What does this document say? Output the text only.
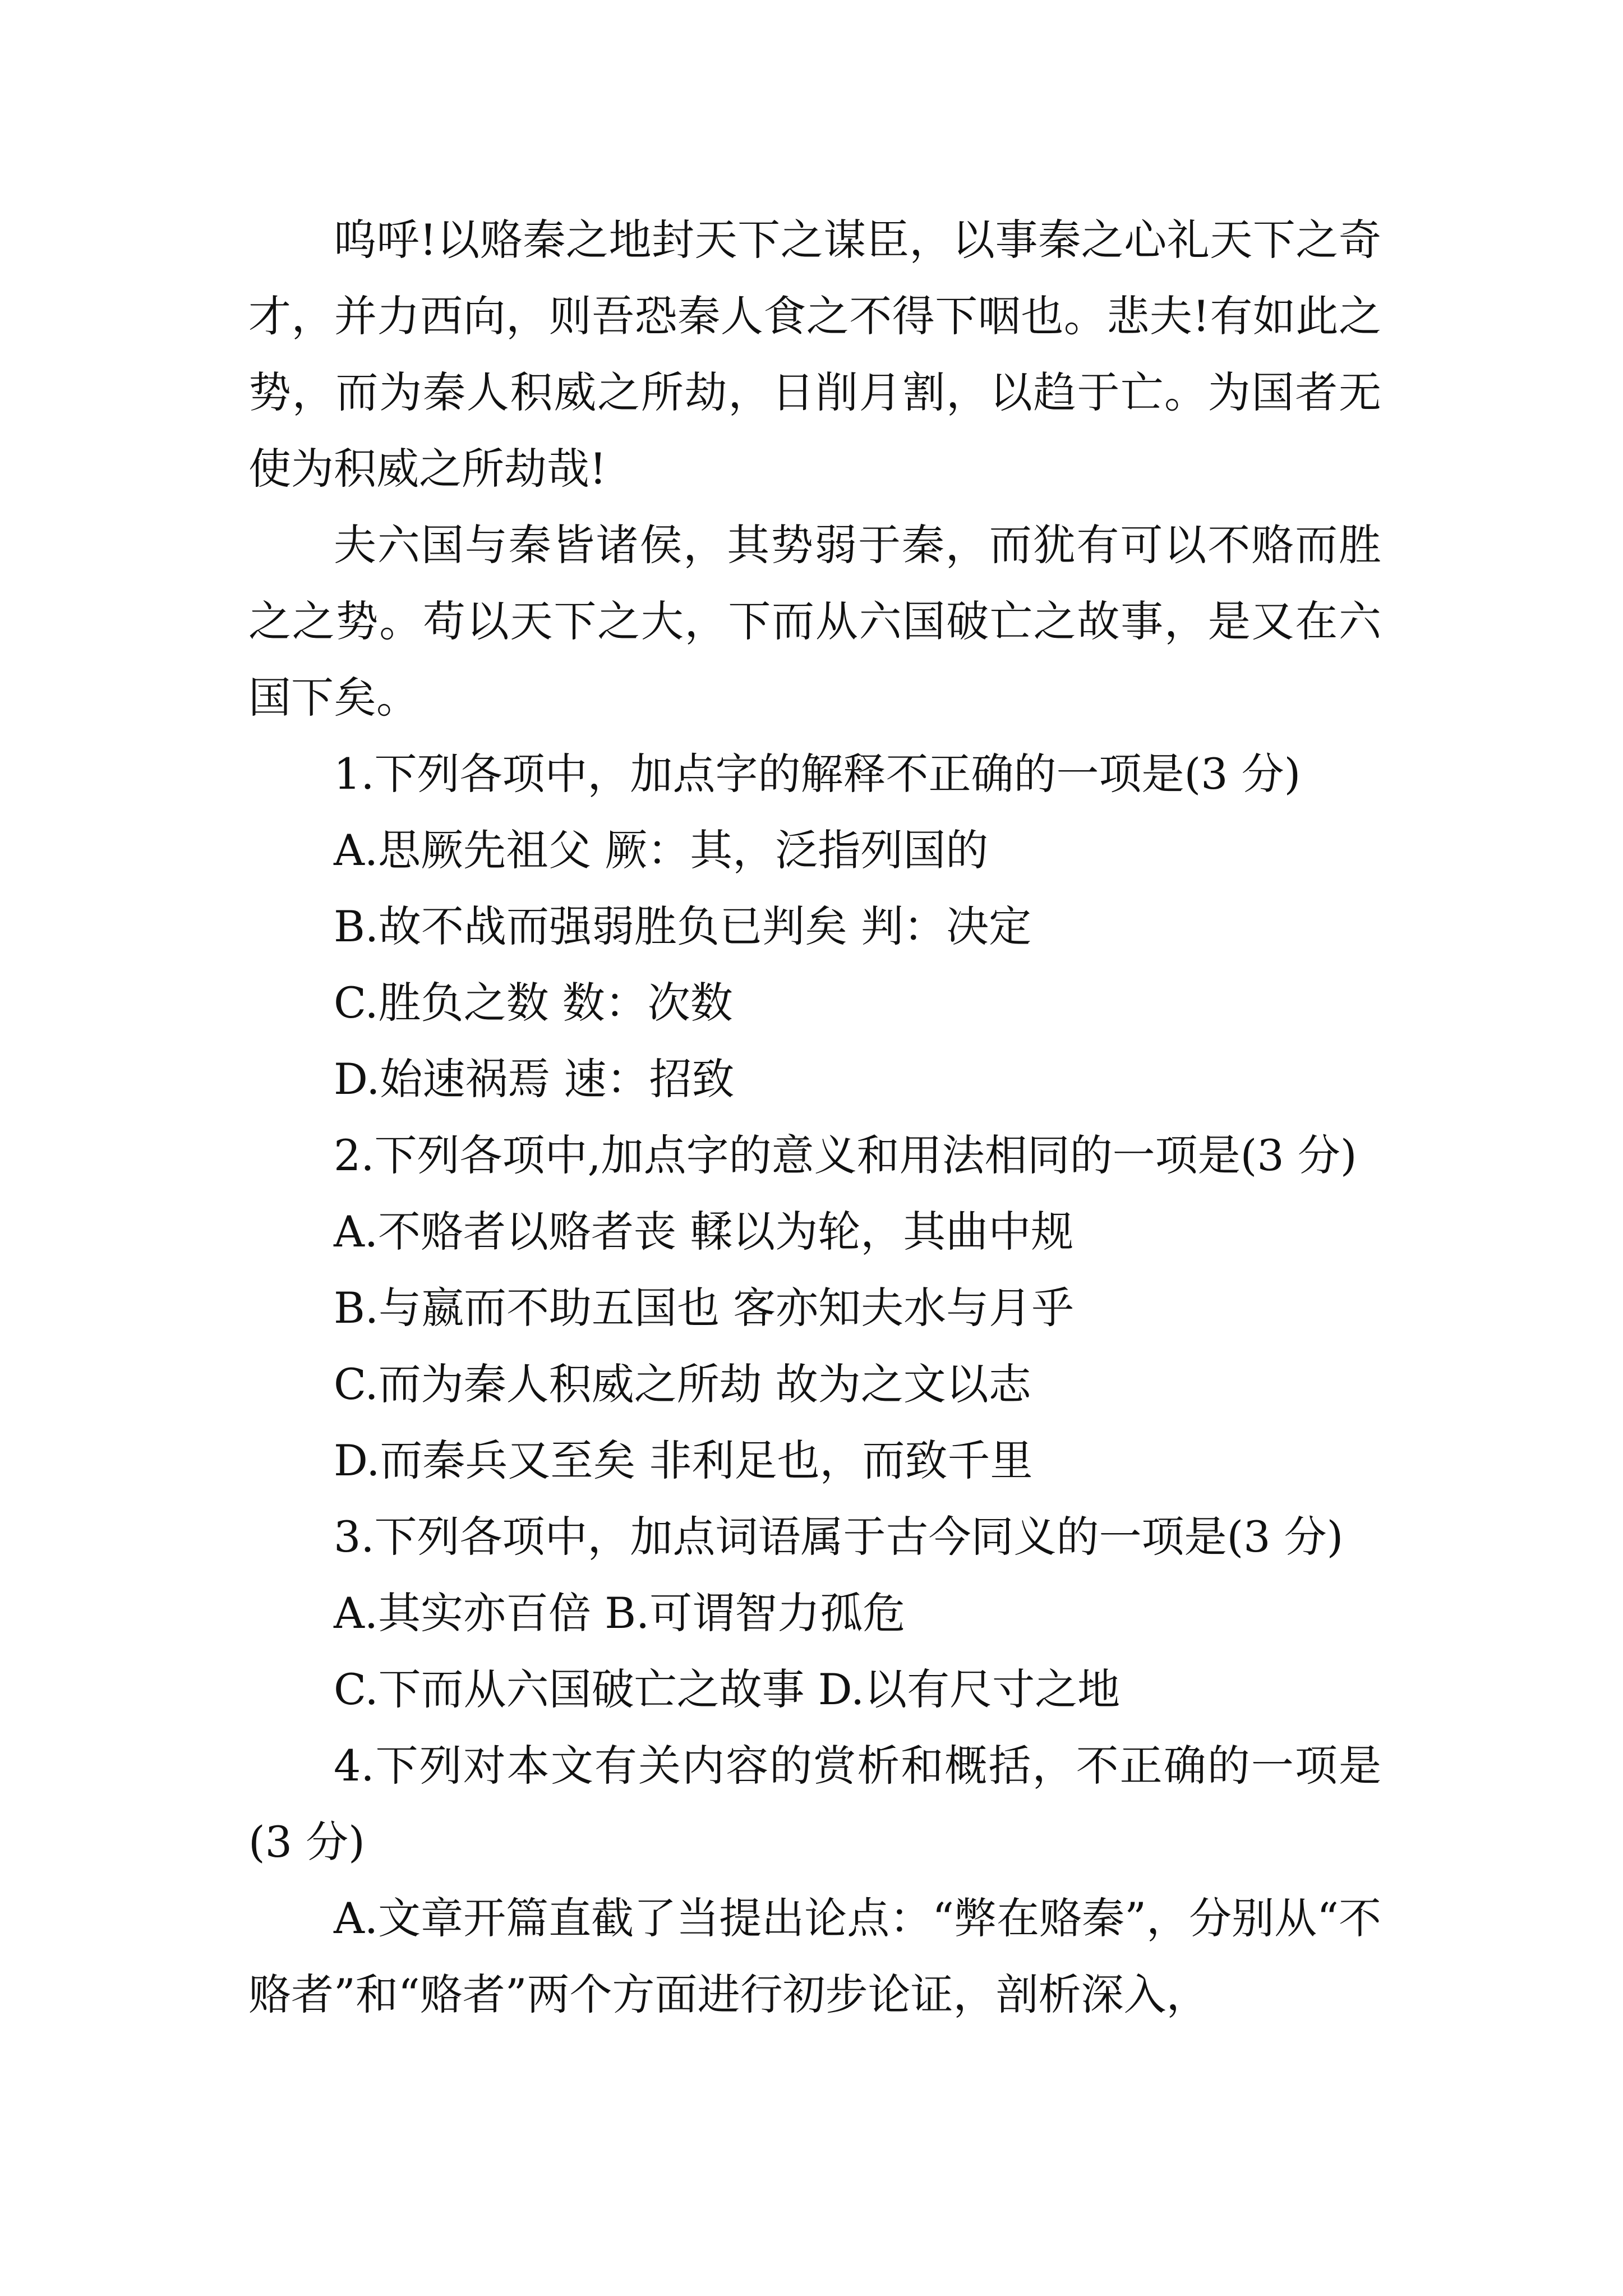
呜呼!以赂秦之地封天下之谋臣，以事秦之心礼天下之奇才，并力西向，则吾恐秦人食之不得下咽也。悲夫!有如此之势，而为秦人积威之所劫，日削月割，以趋于亡。为国者无使为积威之所劫哉!

夫六国与秦皆诸侯，其势弱于秦，而犹有可以不赂而胜之之势。苟以天下之大，下而从六国破亡之故事，是又在六国下矣。

1.下列各项中，加点字的解释不正确的一项是(3 分)

A.思厥先祖父 厥：其，泛指列国的

B.故不战而强弱胜负已判矣 判：决定

C.胜负之数 数：次数

D.始速祸焉 速：招致

2.下列各项中,加点字的意义和用法相同的一项是(3 分)

A.不赂者以赂者丧 輮以为轮，其曲中规

B.与嬴而不助五国也 客亦知夫水与月乎

C.而为秦人积威之所劫 故为之文以志

D.而秦兵又至矣 非利足也，而致千里

3.下列各项中，加点词语属于古今同义的一项是(3 分)

A.其实亦百倍 B.可谓智力孤危

C.下而从六国破亡之故事 D.以有尺寸之地

4.下列对本文有关内容的赏析和概括，不正确的一项是(3 分)

A.文章开篇直截了当提出论点：“弊在赂秦”，分别从“不赂者”和“赂者”两个方面进行初步论证，剖析深入，
